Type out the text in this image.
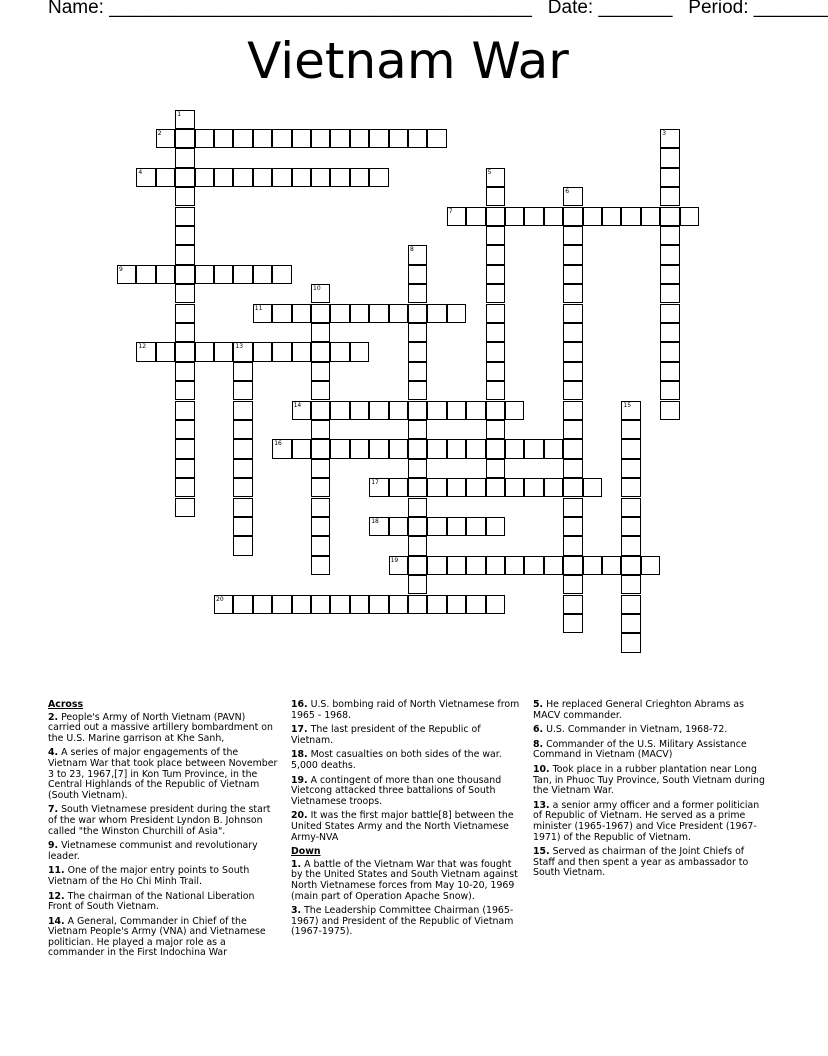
Name: ________________________________________ Date: _______ Period: _______
Vietnam War
1
2	3
4	5
6
7
8
9
10
11
12	13
14	15
16
17
18
19
20
Across
2. People's Army of North Vietnam (PAVN) carried out a massive artillery bombardment on the U.S. Marine garrison at Khe Sanh,
4. A series of major engagements of the Vietnam War that took place between November 3 to 23, 1967,[7] in Kon Tum Province, in the Central Highlands of the Republic of Vietnam (South Vietnam).
7. South Vietnamese president during the start of the war whom President Lyndon B. Johnson called "the Winston Churchill of Asia".
9. Vietnamese communist and revolutionary leader.
11. One of the major entry points to South Vietnam of the Ho Chi Minh Trail.
12. The chairman of the National Liberation Front of South Vietnam.
14. A General, Commander in Chief of the Vietnam People's Army (VNA) and Vietnamese politician. He played a major role as a commander in the First Indochina War
16. U.S. bombing raid of North Vietnamese from 1965 - 1968.
17. The last president of the Republic of Vietnam.
18. Most casualties on both sides of the war. 5,000 deaths.
19. A contingent of more than one thousand Vietcong attacked three battalions of South Vietnamese troops.
20. It was the first major battle[8] between the United States Army and the North Vietnamese Army-NVA
Down
1. A battle of the Vietnam War that was fought by the United States and South Vietnam against North Vietnamese forces from May 10-20, 1969 (main part of Operation Apache Snow).
3. The Leadership Committee Chairman (1965-1967) and President of the Republic of Vietnam (1967-1975).
5. He replaced General Crieghton Abrams as MACV commander.
6. U.S. Commander in Vietnam, 1968-72.
8. Commander of the U.S. Military Assistance Command in Vietnam (MACV)
10. Took place in a rubber plantation near Long Tan, in Phuoc Tuy Province, South Vietnam during the Vietnam War.
13. a senior army officer and a former politician of Republic of Vietnam. He served as a prime minister (1965-1967) and Vice President (1967-1971) of the Republic of Vietnam.
15. Served as chairman of the Joint Chiefs of Staff and then spent a year as ambassador to South Vietnam.
